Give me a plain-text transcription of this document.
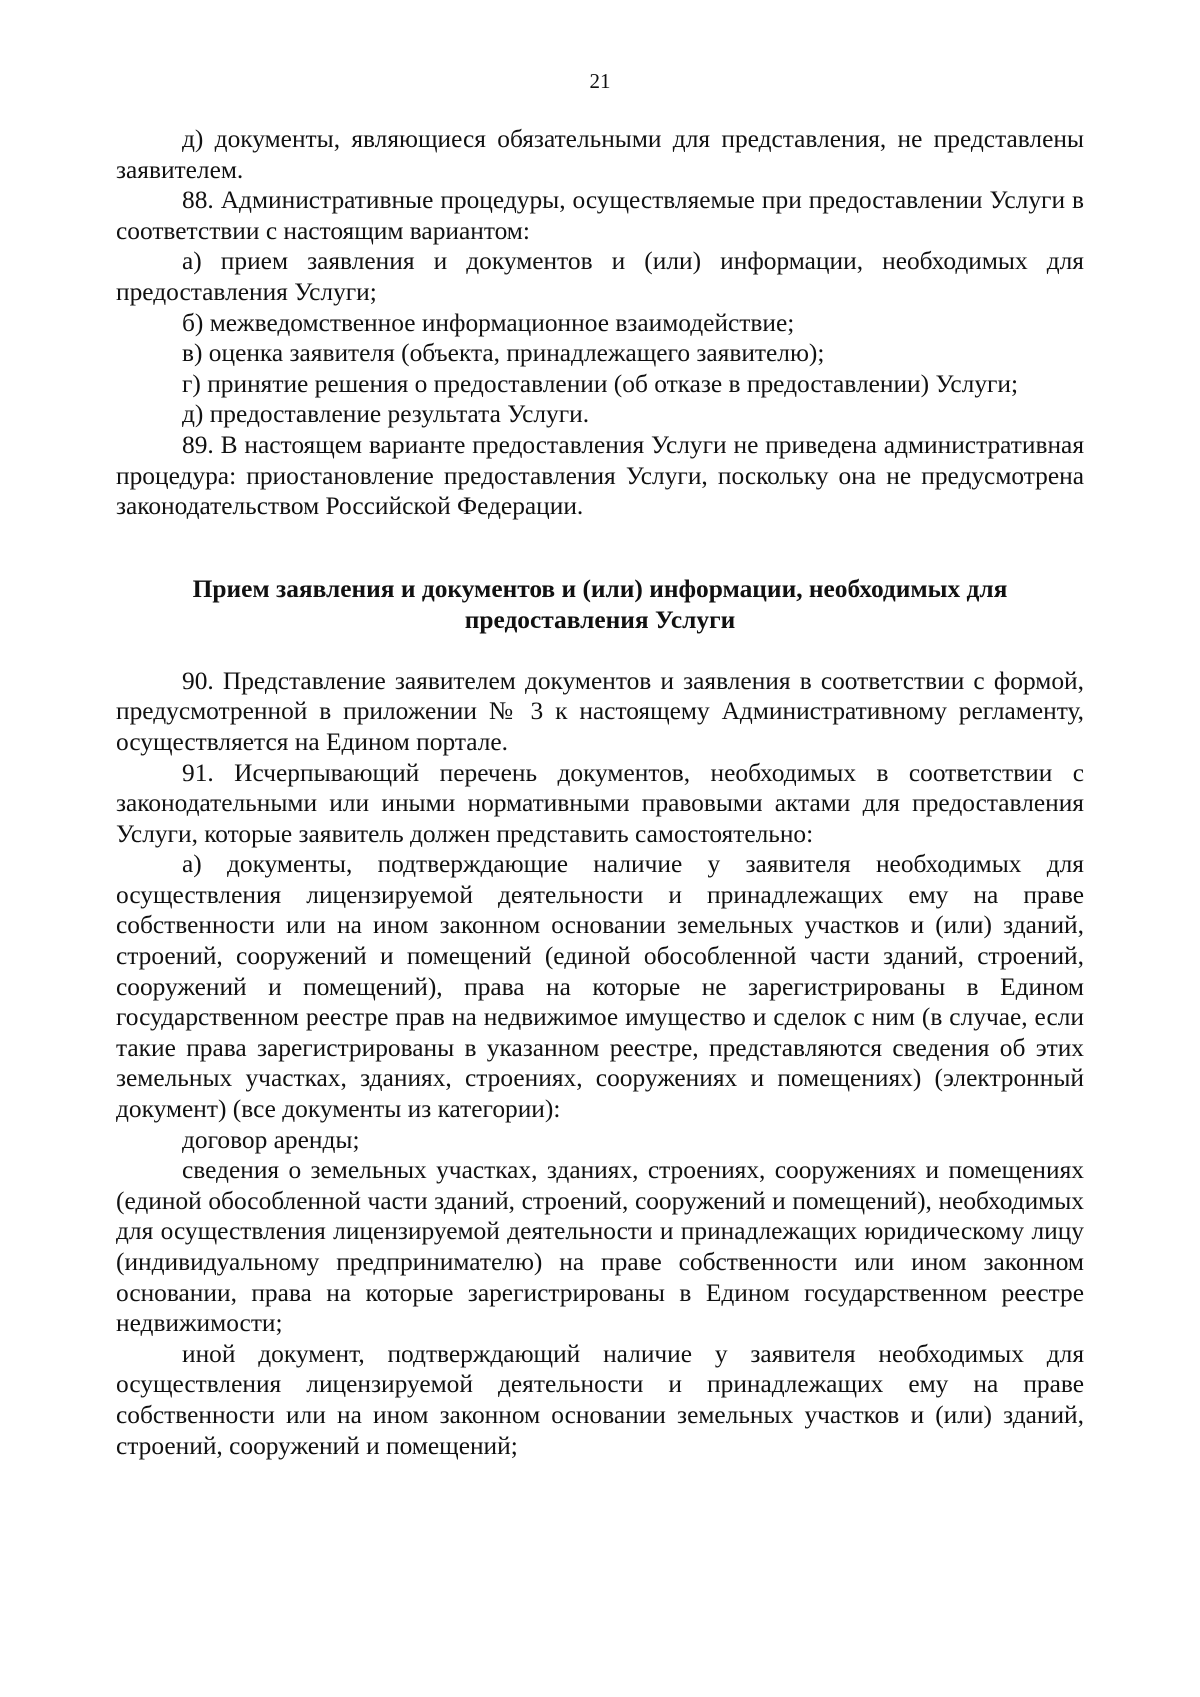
21

д) документы, являющиеся обязательными для представления, не представлены заявителем.

88. Административные процедуры, осуществляемые при предоставлении Услуги в соответствии с настоящим вариантом:

а) прием заявления и документов и (или) информации, необходимых для предоставления Услуги;

б) межведомственное информационное взаимодействие;

в) оценка заявителя (объекта, принадлежащего заявителю);

г) принятие решения о предоставлении (об отказе в предоставлении) Услуги;

д) предоставление результата Услуги.

89. В настоящем варианте предоставления Услуги не приведена административная процедура: приостановление предоставления Услуги, поскольку она не предусмотрена законодательством Российской Федерации.

Прием заявления и документов и (или) информации, необходимых для предоставления Услуги

90. Представление заявителем документов и заявления в соответствии с формой, предусмотренной в приложении № 3 к настоящему Административному регламенту, осуществляется на Едином портале.

91. Исчерпывающий перечень документов, необходимых в соответствии с законодательными или иными нормативными правовыми актами для предоставления Услуги, которые заявитель должен представить самостоятельно:

а) документы, подтверждающие наличие у заявителя необходимых для осуществления лицензируемой деятельности и принадлежащих ему на праве собственности или на ином законном основании земельных участков и (или) зданий, строений, сооружений и помещений (единой обособленной части зданий, строений, сооружений и помещений), права на которые не зарегистрированы в Едином государственном реестре прав на недвижимое имущество и сделок с ним (в случае, если такие права зарегистрированы в указанном реестре, представляются сведения об этих земельных участках, зданиях, строениях, сооружениях и помещениях) (электронный документ) (все документы из категории):

договор аренды;

сведения о земельных участках, зданиях, строениях, сооружениях и помещениях (единой обособленной части зданий, строений, сооружений и помещений), необходимых для осуществления лицензируемой деятельности и принадлежащих юридическому лицу (индивидуальному предпринимателю) на праве собственности или ином законном основании, права на которые зарегистрированы в Едином государственном реестре недвижимости;

иной документ, подтверждающий наличие у заявителя необходимых для осуществления лицензируемой деятельности и принадлежащих ему на праве собственности или на ином законном основании земельных участков и (или) зданий, строений, сооружений и помещений;
